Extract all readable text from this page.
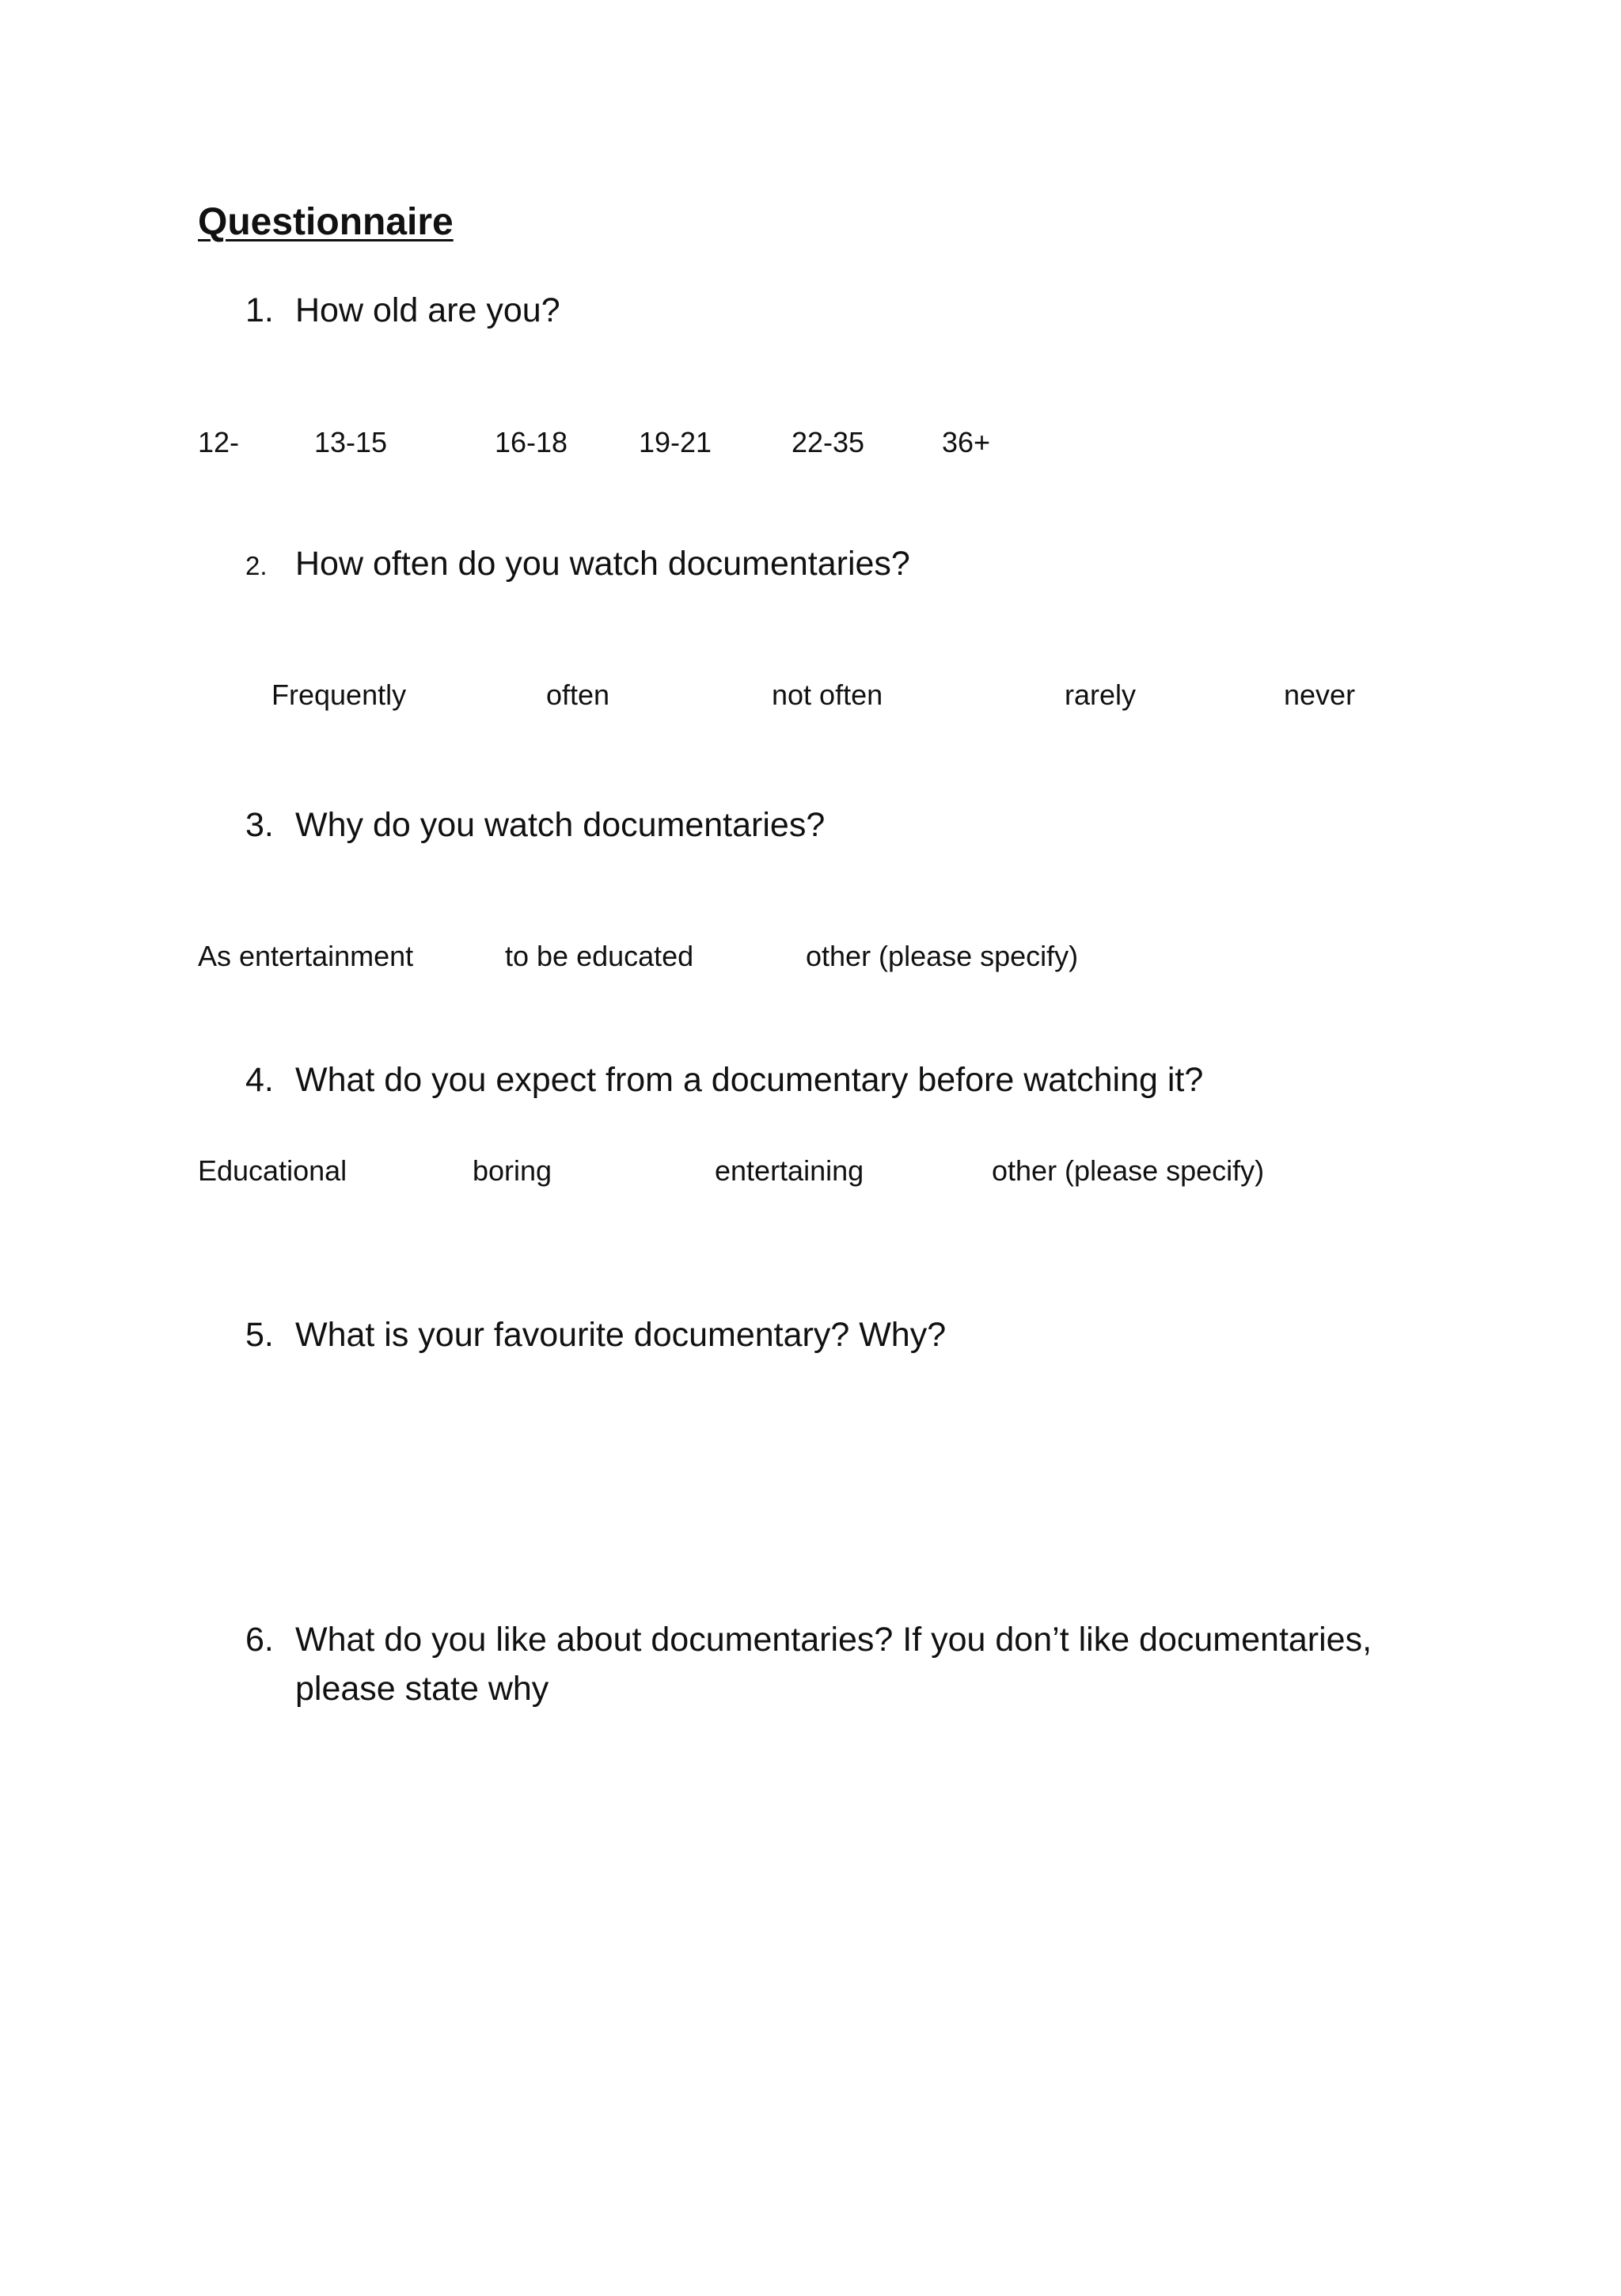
Questionnaire
1. How old are you?
12-	13-15	16-18 19-21	22-35	36+
2. How often do you watch documentaries?
Frequently	often	not often	rarely	never
3. Why do you watch documentaries?
As entertainment	to be educated	other (please specify)
4. What do you expect from a documentary before watching it?
Educational	boring	entertaining	other (please specify)
5. What is your favourite documentary? Why?
6. What do you like about documentaries? If you don’t like documentaries,
please state why
